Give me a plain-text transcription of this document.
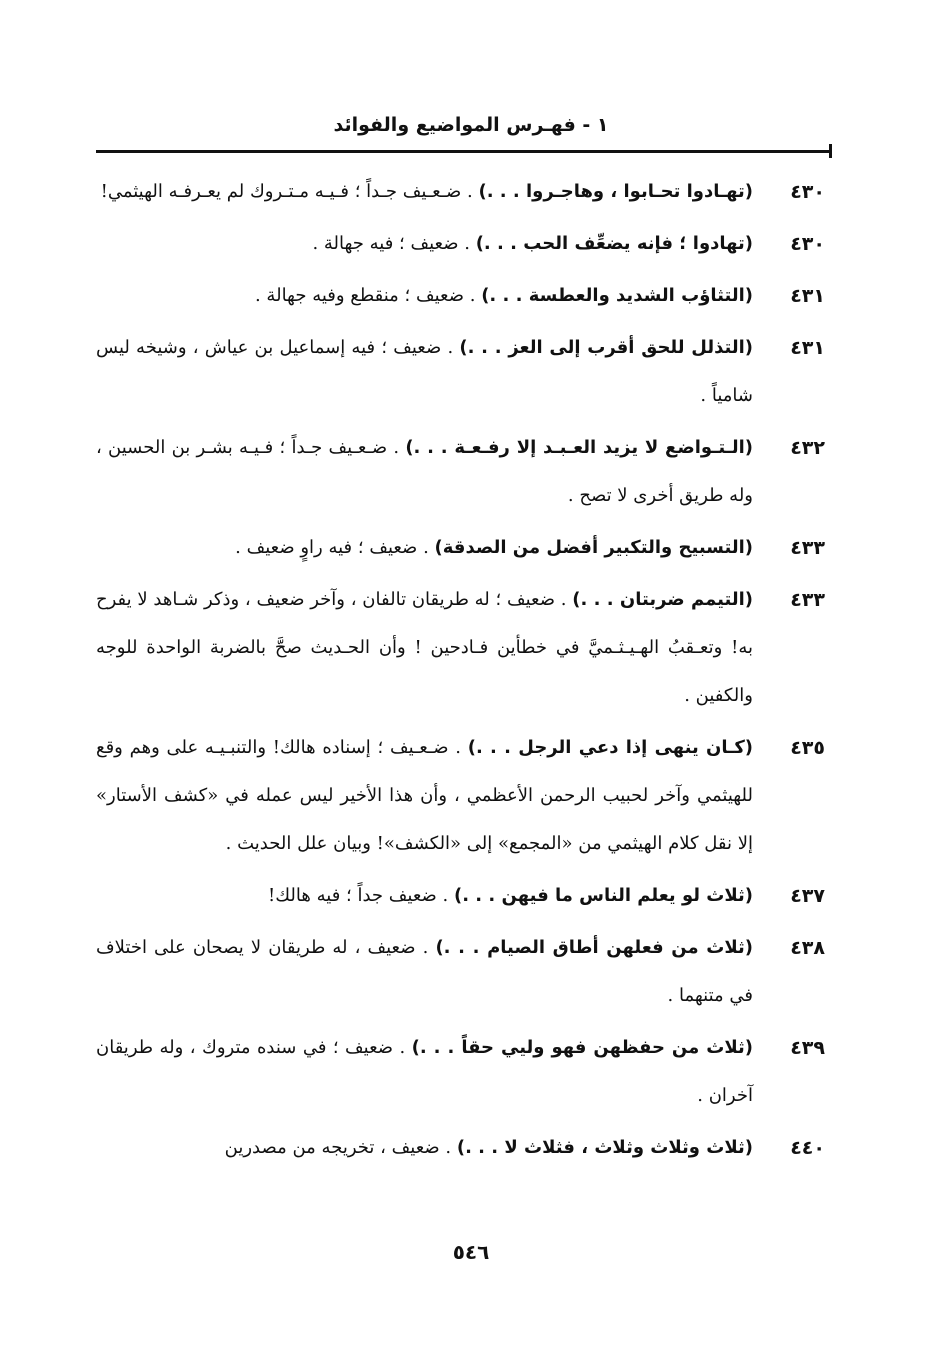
١ - فهـرس المواضيع والفوائد
٤٣٠
(تهـادوا تحـابوا ، وهاجـروا . . .) . ضـعـيف جـداً ؛ فـيـه مـتـروك لم يعـرفـه الهيثمي!
٤٣٠
(تهادوا ؛ فإنه يضعِّف الحب . . .) . ضعيف ؛ فيه جهالة .
٤٣١
(التثاؤب الشديد والعطسة . . .) . ضعيف ؛ منقطع وفيه جهالة .
٤٣١
(التذلل للحق أقرب إلى العز . . .) . ضعيف ؛ فيه إسماعيل بن عياش ، وشيخه ليس شامياً .
٤٣٢
(الـتـواضع لا يزيد العـبـد إلا رفـعـة . . .) . ضـعـيف جـداً ؛ فـيـه بشـر بن الحسين ، وله طريق أخرى لا تصح .
٤٣٣
(التسبيح والتكبير أفضل من الصدقة) . ضعيف ؛ فيه راوٍ ضعيف .
٤٣٣
(التيمم ضربتان . . .) . ضعيف ؛ له طريقان تالفان ، وآخر ضعيف ، وذكر شـاهد لا يفرح به! وتعـقبُ الهـيـثـميَّ في خطأين فـادحين ! وأن الحـديث صحَّ بالضربة الواحدة للوجه والكفين .
٤٣٥
(كـان ينهى إذا دعي الرجل . . .) . ضـعـيف ؛ إسناده هالك! والتنبـيـه على وهم وقع للهيثمي وآخر لحبيب الرحمن الأعظمي ، وأن هذا الأخير ليس عمله في «كشف الأستار» إلا نقل كلام الهيثمي من «المجمع» إلى «الكشف»! وبيان علل الحديث .
٤٣٧
(ثلاث لو يعلم الناس ما فيهن . . .) . ضعيف جداً ؛ فيه هالك!
٤٣٨
(ثلاث من فعلهن أطاق الصيام . . .) . ضعيف ، له طريقان لا يصحان على اختلاف في متنهما .
٤٣٩
(ثلاث من حفظهن فهو وليي حقاً . . .) . ضعيف ؛ في سنده متروك ، وله طريقان آخران .
٤٤٠
(ثلاث وثلاث وثلاث ، فثلاث لا . . .) . ضعيف ، تخريجه من مصدرين
٥٤٦
